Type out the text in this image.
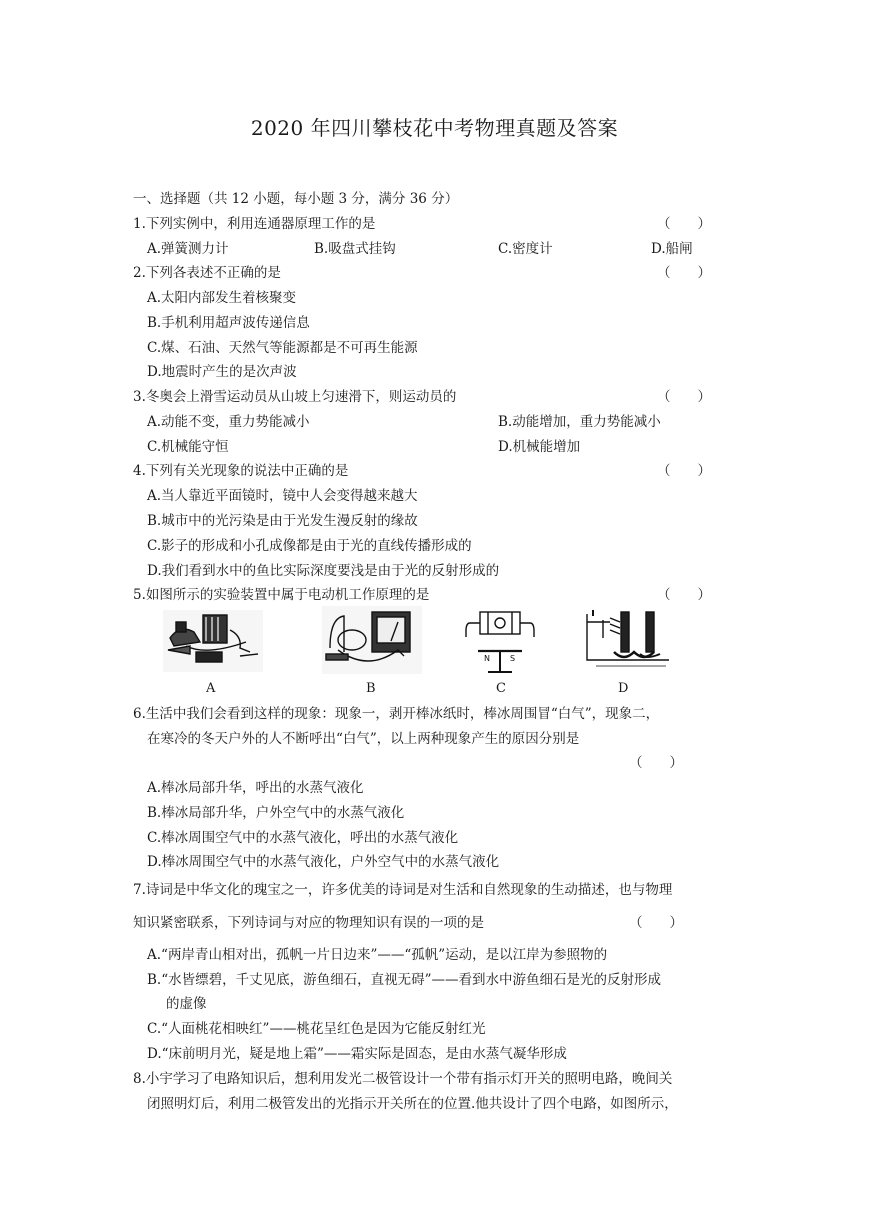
2020 年四川攀枝花中考物理真题及答案
一、选择题（共 12 小题，每小题 3 分，满分 36 分）
1.下列实例中，利用连通器原理工作的是	（　　）
A.弹簧测力计	B.吸盘式挂钩	C.密度计	D.船闸
2.下列各表述不正确的是	（　　）
A.太阳内部发生着核聚变
B.手机利用超声波传递信息
C.煤、石油、天然气等能源都是不可再生能源
D.地震时产生的是次声波
3.冬奥会上滑雪运动员从山坡上匀速滑下，则运动员的	（　　）
A.动能不变，重力势能减小	B.动能增加，重力势能减小
C.机械能守恒	D.机械能增加
4.下列有关光现象的说法中正确的是	（　　）
A.当人靠近平面镜时，镜中人会变得越来越大
B.城市中的光污染是由于光发生漫反射的缘故
C.影子的形成和小孔成像都是由于光的直线传播形成的
D.我们看到水中的鱼比实际深度要浅是由于光的反射形成的
5.如图所示的实验装置中属于电动机工作原理的是	（　　）
N	S
A	B	C	D
6.生活中我们会看到这样的现象：现象一，剥开棒冰纸时，棒冰周围冒“白气”，现象二，
在寒冷的冬天户外的人不断呼出“白气”，以上两种现象产生的原因分别是
（　　）
A.棒冰局部升华，呼出的水蒸气液化
B.棒冰局部升华，户外空气中的水蒸气液化
C.棒冰周围空气中的水蒸气液化，呼出的水蒸气液化
D.棒冰周围空气中的水蒸气液化，户外空气中的水蒸气液化
7.诗词是中华文化的瑰宝之一，许多优美的诗词是对生活和自然现象的生动描述，也与物理
知识紧密联系，下列诗词与对应的物理知识有误的一项的是	（　　）
A.“两岸青山相对出，孤帆一片日边来”——“孤帆”运动，是以江岸为参照物的
B.“水皆缥碧，千丈见底，游鱼细石，直视无碍”——看到水中游鱼细石是光的反射形成
的虚像
C.“人面桃花相映红”——桃花呈红色是因为它能反射红光
D.“床前明月光，疑是地上霜”——霜实际是固态，是由水蒸气凝华形成
8.小宇学习了电路知识后，想利用发光二极管设计一个带有指示灯开关的照明电路，晚间关
闭照明灯后，利用二极管发出的光指示开关所在的位置.他共设计了四个电路，如图所示，
